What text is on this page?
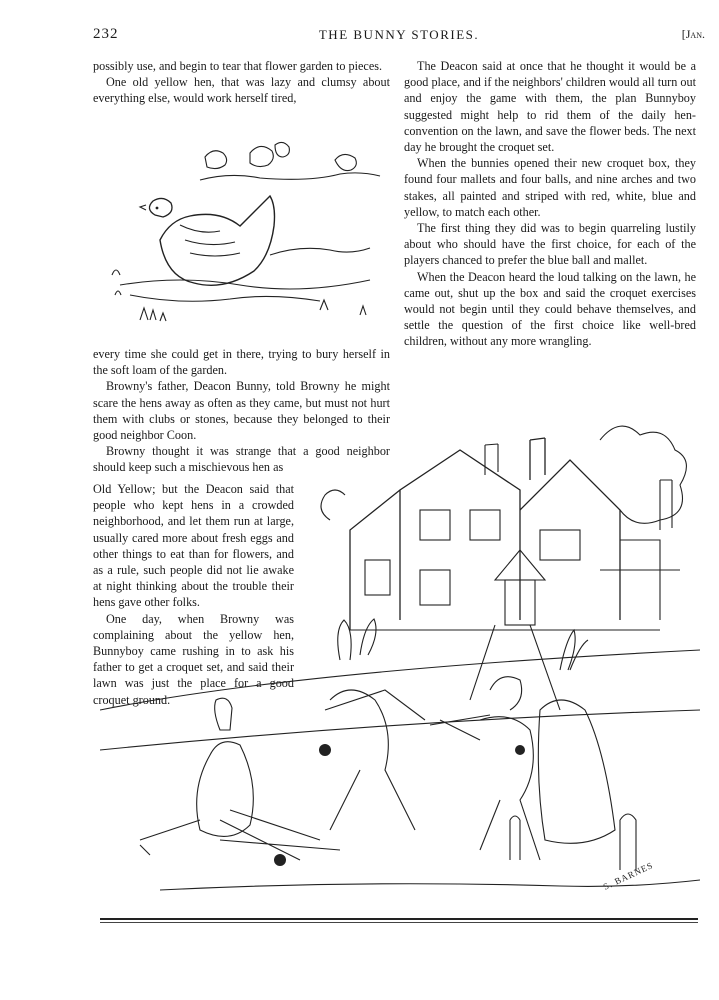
232	THE BUNNY STORIES.	[Jan.

possibly use, and begin to tear that flower garden to pieces.

One old yellow hen, that was lazy and clumsy about everything else, would work herself tired,

every time she could get in there, trying to bury herself in the soft loam of the garden.

Browny's father, Deacon Bunny, told Browny he might scare the hens away as often as they came, but must not hurt them with clubs or stones, because they belonged to their good neighbor Coon.

Browny thought it was strange that a good neighbor should keep such a mischievous hen as

Old Yellow; but the Deacon said that people who kept hens in a crowded neighborhood, and let them run at large, usually cared more about fresh eggs and other things to eat than for flowers, and as a rule, such people did not lie awake at night thinking about the trouble their hens gave other folks.

One day, when Browny was complaining about the yellow hen, Bunnyboy came rushing in to ask his father to get a croquet set, and said their lawn was just the place for a good croquet ground.

The Deacon said at once that he thought it would be a good place, and if the neighbors' children would all turn out and enjoy the game with them, the plan Bunnyboy suggested might help to rid them of the daily hen-convention on the lawn, and save the flower beds. The next day he brought the croquet set.

When the bunnies opened their new croquet box, they found four mallets and four balls, and nine arches and two stakes, all painted and striped with red, white, blue and yellow, to match each other.

The first thing they did was to begin quarreling lustily about who should have the first choice, for each of the players chanced to prefer the blue ball and mallet.

When the Deacon heard the loud talking on the lawn, he came out, shut up the box and said the croquet exercises would not begin until they could behave themselves, and settle the question of the first choice like well-bred children, without any more wrangling.

S. BARNES
